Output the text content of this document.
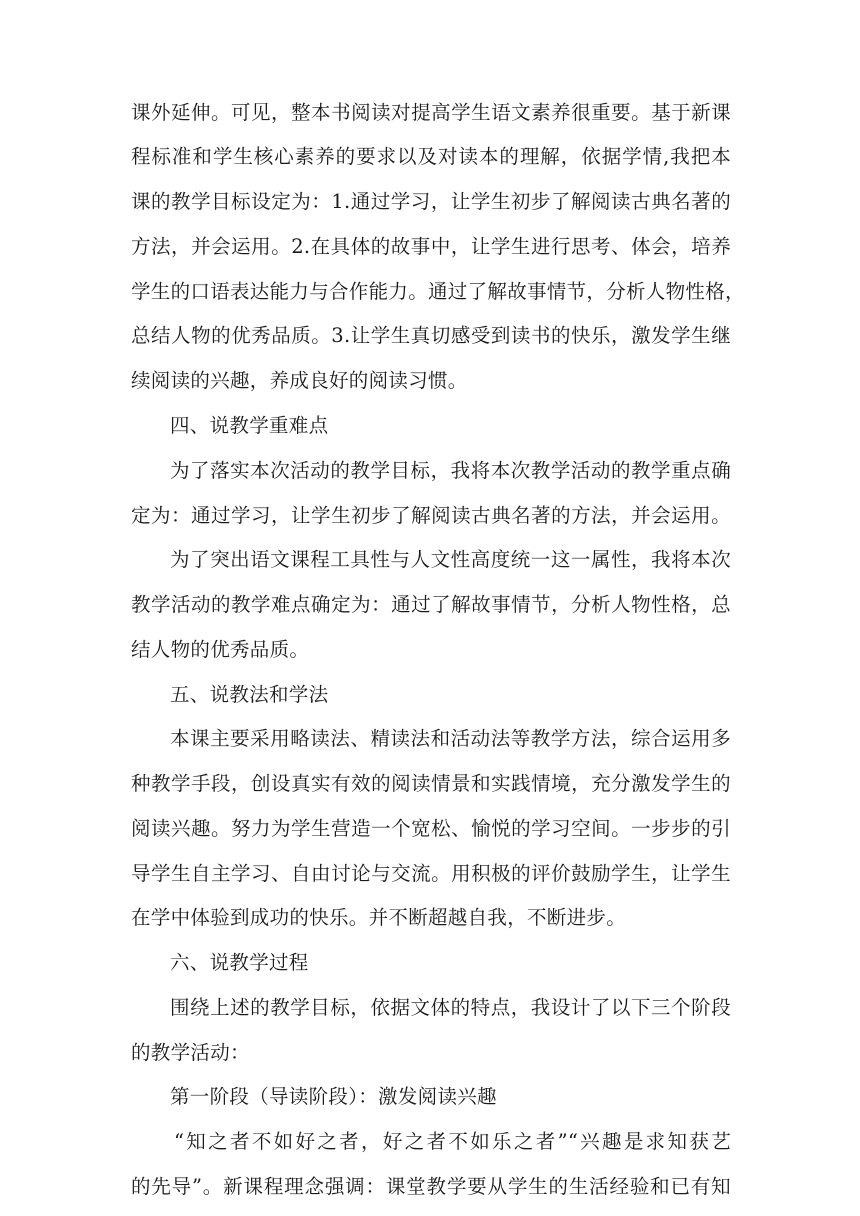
课外延伸。可见，整本书阅读对提高学生语文素养很重要。基于新课
程标准和学生核心素养的要求以及对读本的理解，依据学情,我把本
课的教学目标设定为：1.通过学习，让学生初步了解阅读古典名著的
方法，并会运用。2.在具体的故事中，让学生进行思考、体会，培养
学生的口语表达能力与合作能力。通过了解故事情节，分析人物性格，
总结人物的优秀品质。3.让学生真切感受到读书的快乐，激发学生继
续阅读的兴趣，养成良好的阅读习惯。
四、说教学重难点
为了落实本次活动的教学目标，我将本次教学活动的教学重点确
定为：通过学习，让学生初步了解阅读古典名著的方法，并会运用。
为了突出语文课程工具性与人文性高度统一这一属性，我将本次
教学活动的教学难点确定为：通过了解故事情节，分析人物性格，总
结人物的优秀品质。
五、说教法和学法
本课主要采用略读法、精读法和活动法等教学方法，综合运用多
种教学手段，创设真实有效的阅读情景和实践情境，充分激发学生的
阅读兴趣。努力为学生营造一个宽松、愉悦的学习空间。一步步的引
导学生自主学习、自由讨论与交流。用积极的评价鼓励学生，让学生
在学中体验到成功的快乐。并不断超越自我，不断进步。
六、说教学过程
围绕上述的教学目标，依据文体的特点，我设计了以下三个阶段
的教学活动：
第一阶段（导读阶段）：激发阅读兴趣
“知之者不如好之者，好之者不如乐之者”“兴趣是求知获艺
的先导”。新课程理念强调：课堂教学要从学生的生活经验和已有知
